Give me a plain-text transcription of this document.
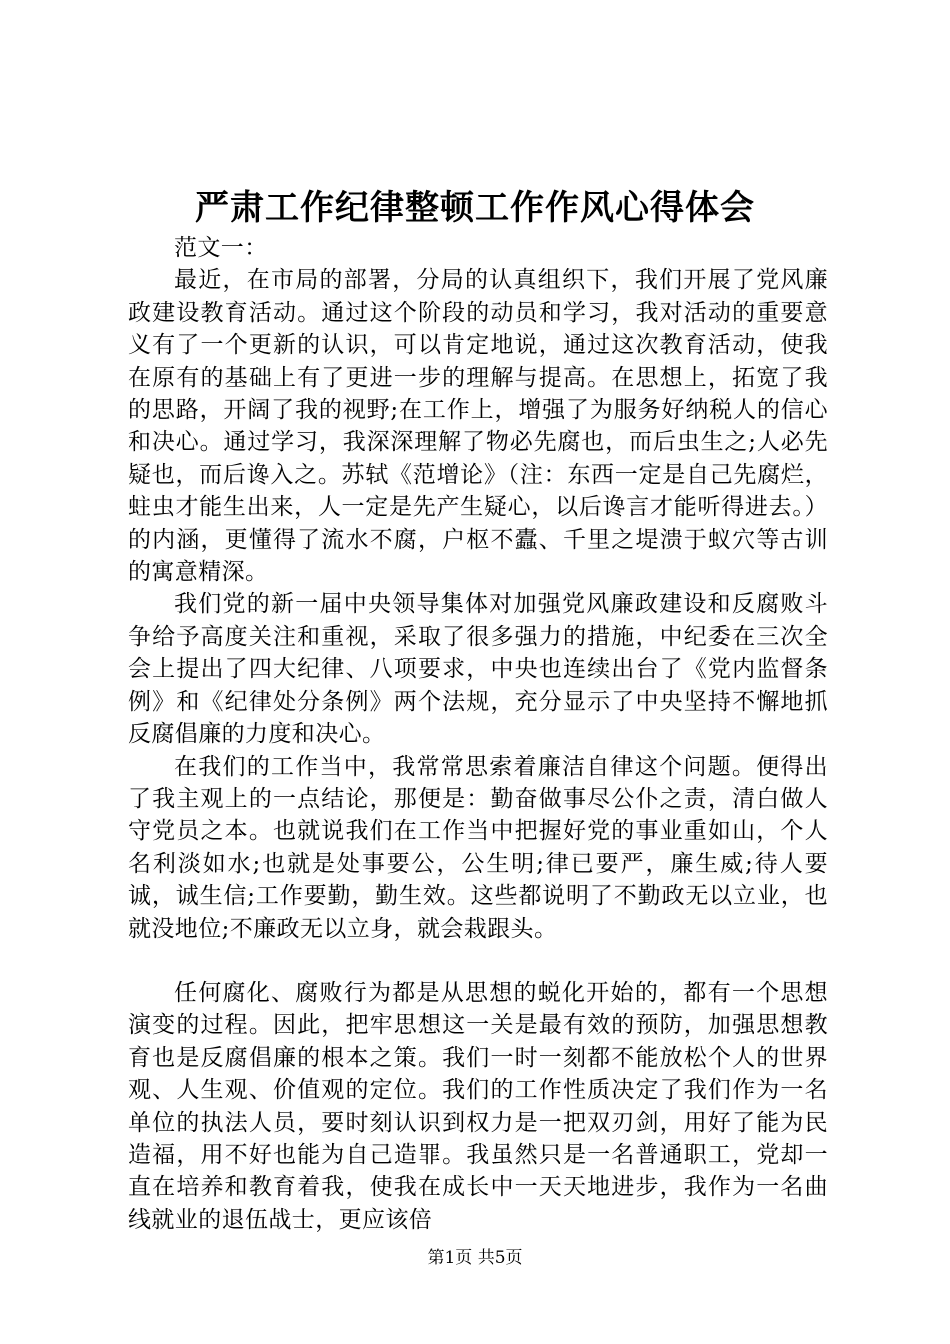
严肃工作纪律整顿工作作风心得体会

范文一：

最近，在市局的部署，分局的认真组织下，我们开展了党风廉政建设教育活动。通过这个阶段的动员和学习，我对活动的重要意义有了一个更新的认识，可以肯定地说，通过这次教育活动，使我在原有的基础上有了更进一步的理解与提高。在思想上，拓宽了我的思路，开阔了我的视野;在工作上，增强了为服务好纳税人的信心和决心。通过学习，我深深理解了物必先腐也，而后虫生之;人必先疑也，而后谗入之。苏轼《范增论》（注：东西一定是自己先腐烂，蛀虫才能生出来，人一定是先产生疑心，以后谗言才能听得进去。）的内涵，更懂得了流水不腐，户枢不蠹、千里之堤溃于蚁穴等古训的寓意精深。

我们党的新一届中央领导集体对加强党风廉政建设和反腐败斗争给予高度关注和重视，采取了很多强力的措施，中纪委在三次全会上提出了四大纪律、八项要求，中央也连续出台了《党内监督条例》和《纪律处分条例》两个法规，充分显示了中央坚持不懈地抓反腐倡廉的力度和决心。

在我们的工作当中，我常常思索着廉洁自律这个问题。便得出了我主观上的一点结论，那便是：勤奋做事尽公仆之责，清白做人守党员之本。也就说我们在工作当中把握好党的事业重如山，个人名利淡如水;也就是处事要公，公生明;律已要严，廉生威;待人要诚，诚生信;工作要勤，勤生效。这些都说明了不勤政无以立业，也就没地位;不廉政无以立身，就会栽跟头。

任何腐化、腐败行为都是从思想的蜕化开始的，都有一个思想演变的过程。因此，把牢思想这一关是最有效的预防，加强思想教育也是反腐倡廉的根本之策。我们一时一刻都不能放松个人的世界观、人生观、价值观的定位。我们的工作性质决定了我们作为一名单位的执法人员，要时刻认识到权力是一把双刃剑，用好了能为民造福，用不好也能为自己造罪。我虽然只是一名普通职工，党却一直在培养和教育着我，使我在成长中一天天地进步，我作为一名曲线就业的退伍战士，更应该倍

第1页 共5页
